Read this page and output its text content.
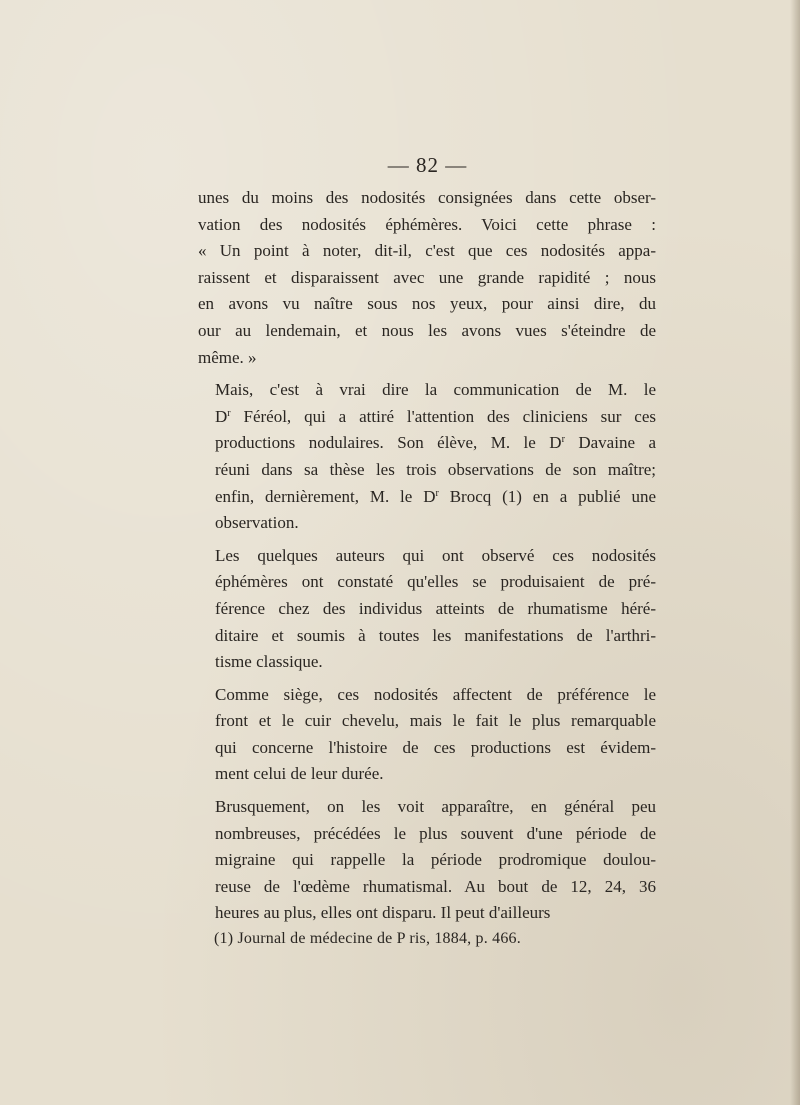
— 82 —

unes du moins des nodosités consignées dans cette obser-
vation des nodosités éphémères. Voici cette phrase :
« Un point à noter, dit-il, c'est que ces nodosités appa-
raissent et disparaissent avec une grande rapidité ; nous
en avons vu naître sous nos yeux, pour ainsi dire, du
our au lendemain, et nous les avons vues s'éteindre de
même. »

Mais, c'est à vrai dire la communication de M. le
$D^r$ Féréol, qui a attiré l'attention des cliniciens sur ces
productions nodulaires. Son élève, M. le $D^r$ Davaine a
réuni dans sa thèse les trois observations de son maître;
enfin, dernièrement, M. le $D^r$ Brocq (1) en a publié une
observation.

Les quelques auteurs qui ont observé ces nodosités
éphémères ont constaté qu'elles se produisaient de pré-
férence chez des individus atteints de rhumatisme héré-
ditaire et soumis à toutes les manifestations de l'arthri-
tisme classique.

Comme siège, ces nodosités affectent de préférence le
front et le cuir chevelu, mais le fait le plus remarquable
qui concerne l'histoire de ces productions est évidem-
ment celui de leur durée.

Brusquement, on les voit apparaître, en général peu
nombreuses, précédées le plus souvent d'une période de
migraine qui rappelle la période prodromique doulou-
reuse de l'œdème rhumatismal. Au bout de 12, 24, 36
heures au plus, elles ont disparu. Il peut d'ailleurs

(1) Journal de médecine de P ris, 1884, p. 466.
